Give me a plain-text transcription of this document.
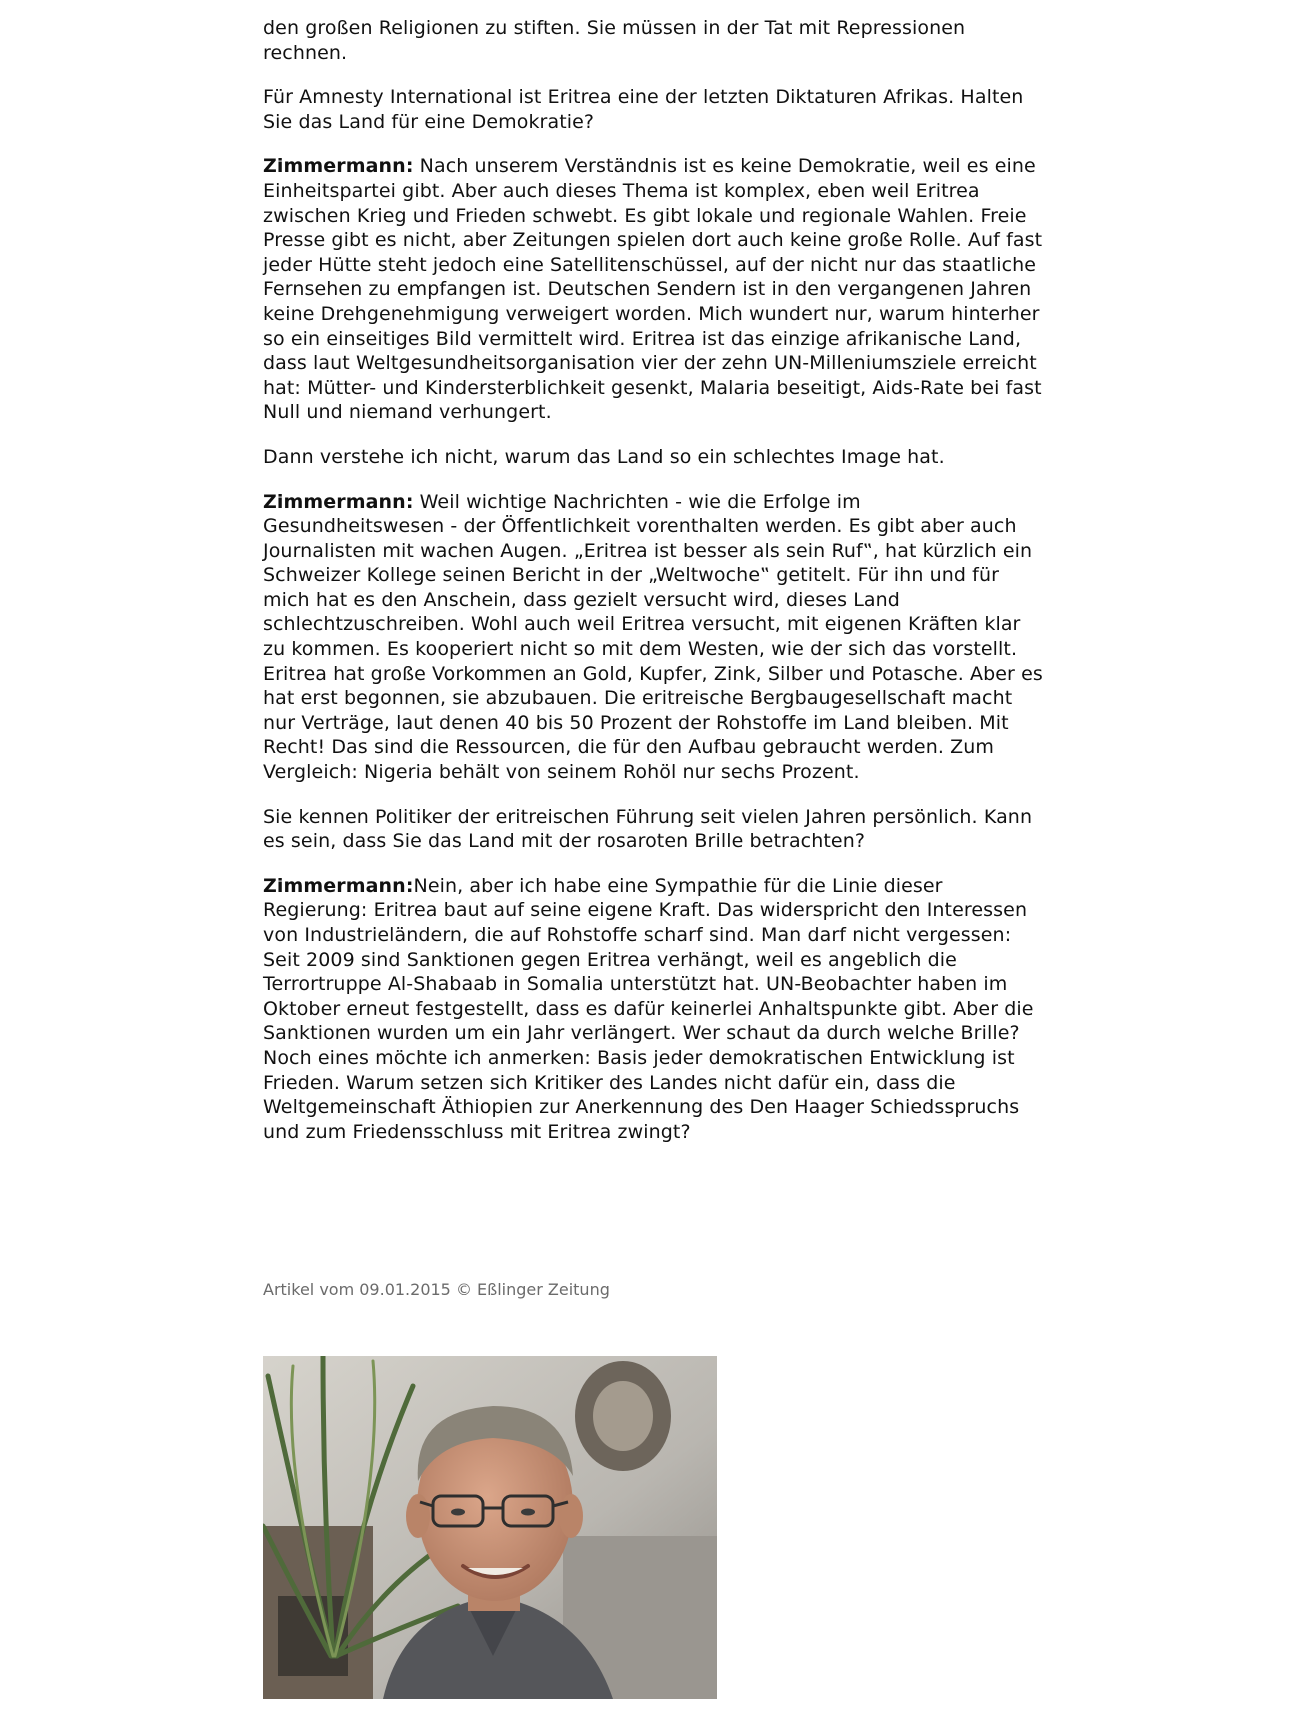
den großen Religionen zu stiften. Sie müssen in der Tat mit Repressionen rechnen.

Für Amnesty International ist Eritrea eine der letzten Diktaturen Afrikas. Halten Sie das Land für eine Demokratie?

Zimmermann: Nach unserem Verständnis ist es keine Demokratie, weil es eine Einheitspartei gibt. Aber auch dieses Thema ist komplex, eben weil Eritrea zwischen Krieg und Frieden schwebt. Es gibt lokale und regionale Wahlen. Freie Presse gibt es nicht, aber Zeitungen spielen dort auch keine große Rolle. Auf fast jeder Hütte steht jedoch eine Satellitenschüssel, auf der nicht nur das staatliche Fernsehen zu empfangen ist. Deutschen Sendern ist in den vergangenen Jahren keine Drehgenehmigung verweigert worden. Mich wundert nur, warum hinterher so ein einseitiges Bild vermittelt wird. Eritrea ist das einzige afrikanische Land, dass laut Weltgesundheitsorganisation vier der zehn UN-Milleniumsziele erreicht hat: Mütter- und Kindersterblichkeit gesenkt, Malaria beseitigt, Aids-Rate bei fast Null und niemand verhungert.

Dann verstehe ich nicht, warum das Land so ein schlechtes Image hat.

Zimmermann: Weil wichtige Nachrichten - wie die Erfolge im Gesundheitswesen - der Öffentlichkeit vorenthalten werden. Es gibt aber auch Journalisten mit wachen Augen. „Eritrea ist besser als sein Ruf‟, hat kürzlich ein Schweizer Kollege seinen Bericht in der „Weltwoche‟ getitelt. Für ihn und für mich hat es den Anschein, dass gezielt versucht wird, dieses Land schlechtzuschreiben. Wohl auch weil Eritrea versucht, mit eigenen Kräften klar zu kommen. Es kooperiert nicht so mit dem Westen, wie der sich das vorstellt. Eritrea hat große Vorkommen an Gold, Kupfer, Zink, Silber und Potasche. Aber es hat erst begonnen, sie abzubauen. Die eritreische Bergbaugesellschaft macht nur Verträge, laut denen 40 bis 50 Prozent der Rohstoffe im Land bleiben. Mit Recht! Das sind die Ressourcen, die für den Aufbau gebraucht werden. Zum Vergleich: Nigeria behält von seinem Rohöl nur sechs Prozent.

Sie kennen Politiker der eritreischen Führung seit vielen Jahren persönlich. Kann es sein, dass Sie das Land mit der rosaroten Brille betrachten?

Zimmermann:Nein, aber ich habe eine Sympathie für die Linie dieser Regierung: Eritrea baut auf seine eigene Kraft. Das widerspricht den Interessen von Industrieländern, die auf Rohstoffe scharf sind. Man darf nicht vergessen: Seit 2009 sind Sanktionen gegen Eritrea verhängt, weil es angeblich die Terrortruppe Al-Shabaab in Somalia unterstützt hat. UN-Beobachter haben im Oktober erneut festgestellt, dass es dafür keinerlei Anhaltspunkte gibt. Aber die Sanktionen wurden um ein Jahr verlängert. Wer schaut da durch welche Brille? Noch eines möchte ich anmerken: Basis jeder demokratischen Entwicklung ist Frieden. Warum setzen sich Kritiker des Landes nicht dafür ein, dass die Weltgemeinschaft Äthiopien zur Anerkennung des Den Haager Schiedsspruchs und zum Friedensschluss mit Eritrea zwingt?

Artikel vom 09.01.2015 © Eßlinger Zeitung
